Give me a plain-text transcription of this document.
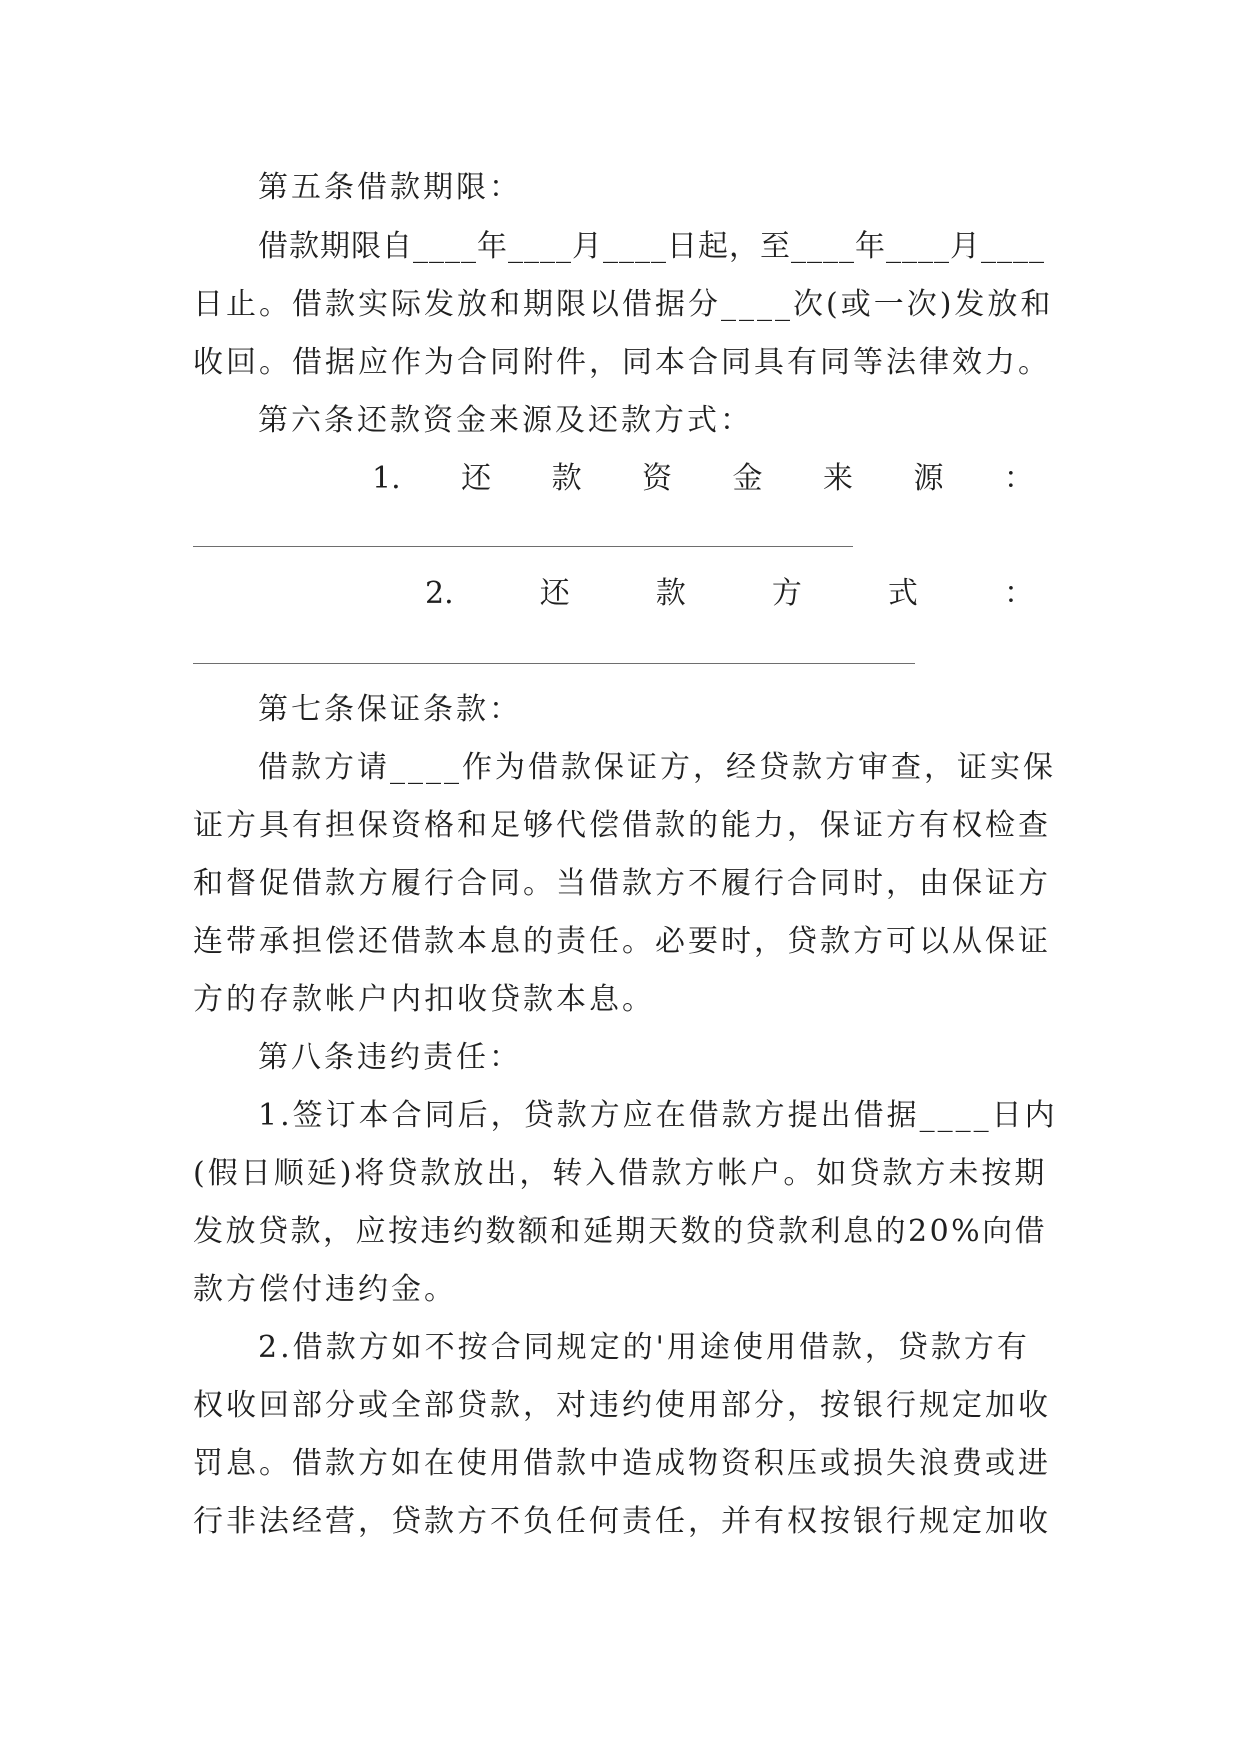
第五条借款期限：
借款期限自____年____月____日起，至____年____月____
日止。借款实际发放和期限以借据分____次(或一次)发放和
收回。借据应作为合同附件，同本合同具有同等法律效力。
第六条还款资金来源及还款方式：
1. 还 款 资 金 来 源 ：
2.	还	款	方	式	：
第七条保证条款：
借款方请____作为借款保证方，经贷款方审查，证实保
证方具有担保资格和足够代偿借款的能力，保证方有权检查
和督促借款方履行合同。当借款方不履行合同时，由保证方
连带承担偿还借款本息的责任。必要时，贷款方可以从保证
方的存款帐户内扣收贷款本息。
第八条违约责任：
1.签订本合同后，贷款方应在借款方提出借据____日内
(假日顺延)将贷款放出，转入借款方帐户。如贷款方未按期
发放贷款，应按违约数额和延期天数的贷款利息的20%向借
款方偿付违约金。
2.借款方如不按合同规定的'用途使用借款，贷款方有
权收回部分或全部贷款，对违约使用部分，按银行规定加收
罚息。借款方如在使用借款中造成物资积压或损失浪费或进
行非法经营，贷款方不负任何责任，并有权按银行规定加收
